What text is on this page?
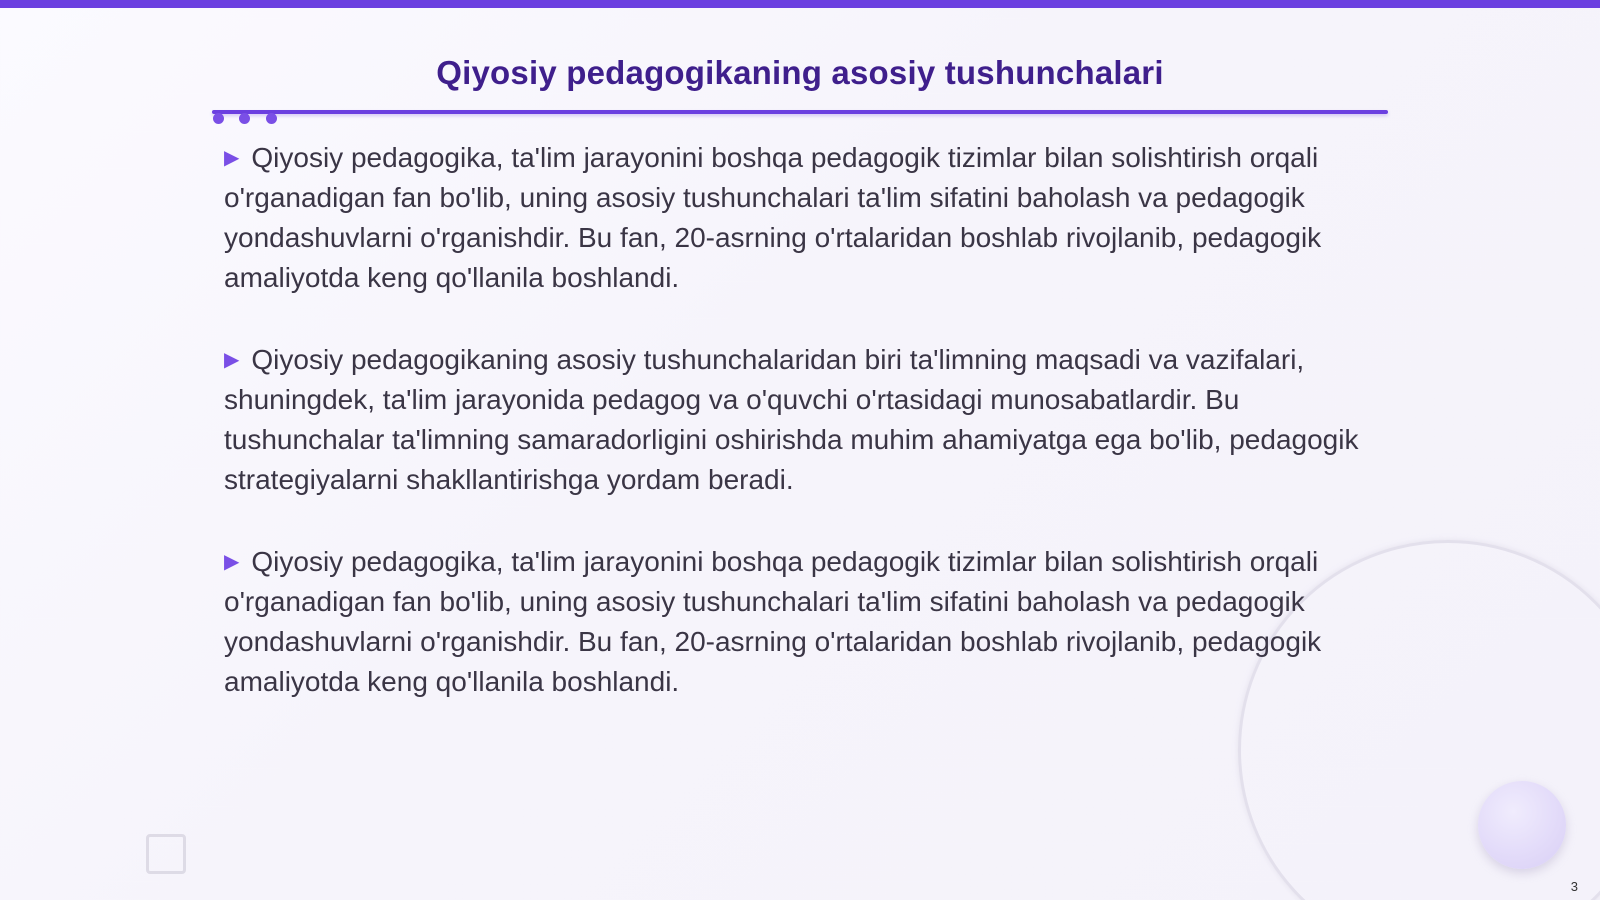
Qiyosiy pedagogikaning asosiy tushunchalari

▶ Qiyosiy pedagogika, ta'lim jarayonini boshqa pedagogik tizimlar bilan solishtirish orqali o'rganadigan fan bo'lib, uning asosiy tushunchalari ta'lim sifatini baholash va pedagogik yondashuvlarni o'rganishdir. Bu fan, 20-asrning o'rtalaridan boshlab rivojlanib, pedagogik amaliyotda keng qo'llanila boshlandi.

▶ Qiyosiy pedagogikaning asosiy tushunchalaridan biri ta'limning maqsadi va vazifalari, shuningdek, ta'lim jarayonida pedagog va o'quvchi o'rtasidagi munosabatlardir. Bu tushunchalar ta'limning samaradorligini oshirishda muhim ahamiyatga ega bo'lib, pedagogik strategiyalarni shakllantirishga yordam beradi.

▶ Qiyosiy pedagogika, ta'lim jarayonini boshqa pedagogik tizimlar bilan solishtirish orqali o'rganadigan fan bo'lib, uning asosiy tushunchalari ta'lim sifatini baholash va pedagogik yondashuvlarni o'rganishdir. Bu fan, 20-asrning o'rtalaridan boshlab rivojlanib, pedagogik amaliyotda keng qo'llanila boshlandi.

3
